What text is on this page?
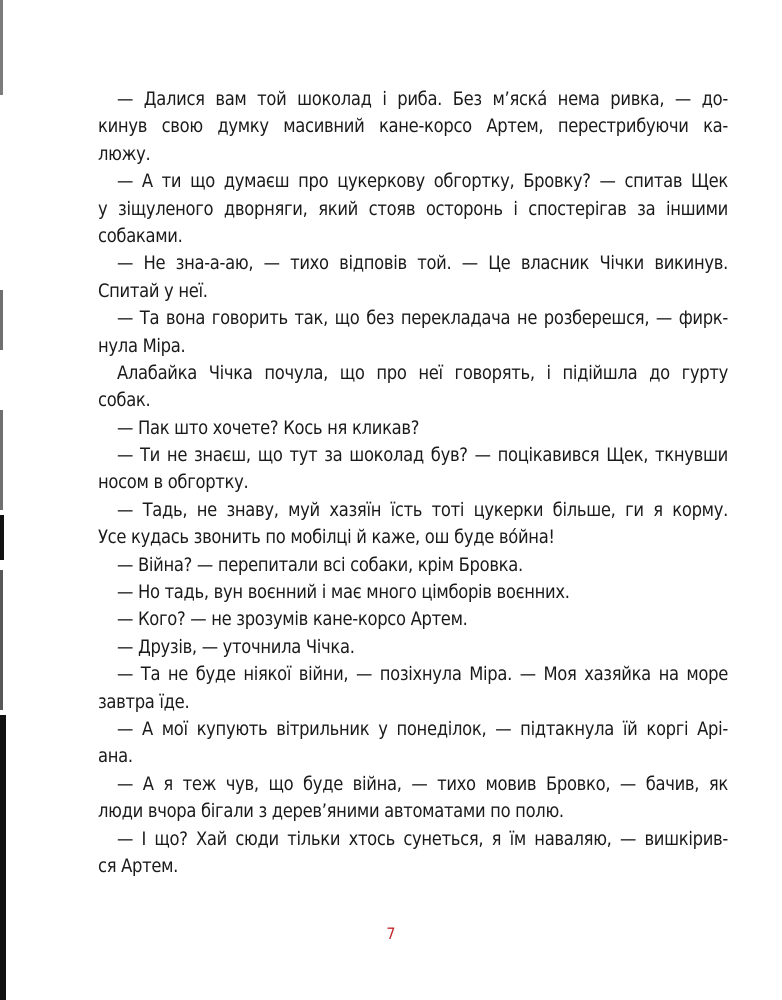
— Далися вам той шоколад і риба. Без м’яска́ нема ривка, — до-
кинув свою думку масивний кане-корсо Артем, перестрибуючи ка-
люжу.
— А ти що думаєш про цукеркову обгортку, Бровку? — спитав Щек
у зіщуленого дворняги, який стояв осторонь і спостерігав за іншими
собаками.
— Не зна-а-аю, — тихо відповів той. — Це власник Чічки викинув.
Спитай у неї.
— Та вона говорить так, що без перекладача не розберешся, — фирк-
нула Міра.
Алабайка Чічка почула, що про неї говорять, і підійшла до гурту
собак.
— Пак што хочете? Кось ня кликав?
— Ти не знаєш, що тут за шоколад був? — поцікавився Щек, ткнувши
носом в обгортку.
— Тадь, не знаву, муй хазяїн їсть тоті цукерки більше, ги я корму.
Усе кудась звонить по мобілці й каже, ош буде во́йна!
— Війна? — перепитали всі собаки, крім Бровка.
— Но тадь, вун воєнний і має много цімборів воєнних.
— Кого? — не зрозумів кане-корсо Артем.
— Друзів, — уточнила Чічка.
— Та не буде ніякої війни, — позіхнула Міра. — Моя хазяйка на море
завтра їде.
— А мої купують вітрильник у понеділок, — підтакнула їй коргі Арі-
ана.
— А я теж чув, що буде війна, — тихо мовив Бровко, — бачив, як
люди вчора бігали з дерев’яними автоматами по полю.
— І що? Хай сюди тільки хтось сунеться, я їм наваляю, — вишкірив-
ся Артем.
7
